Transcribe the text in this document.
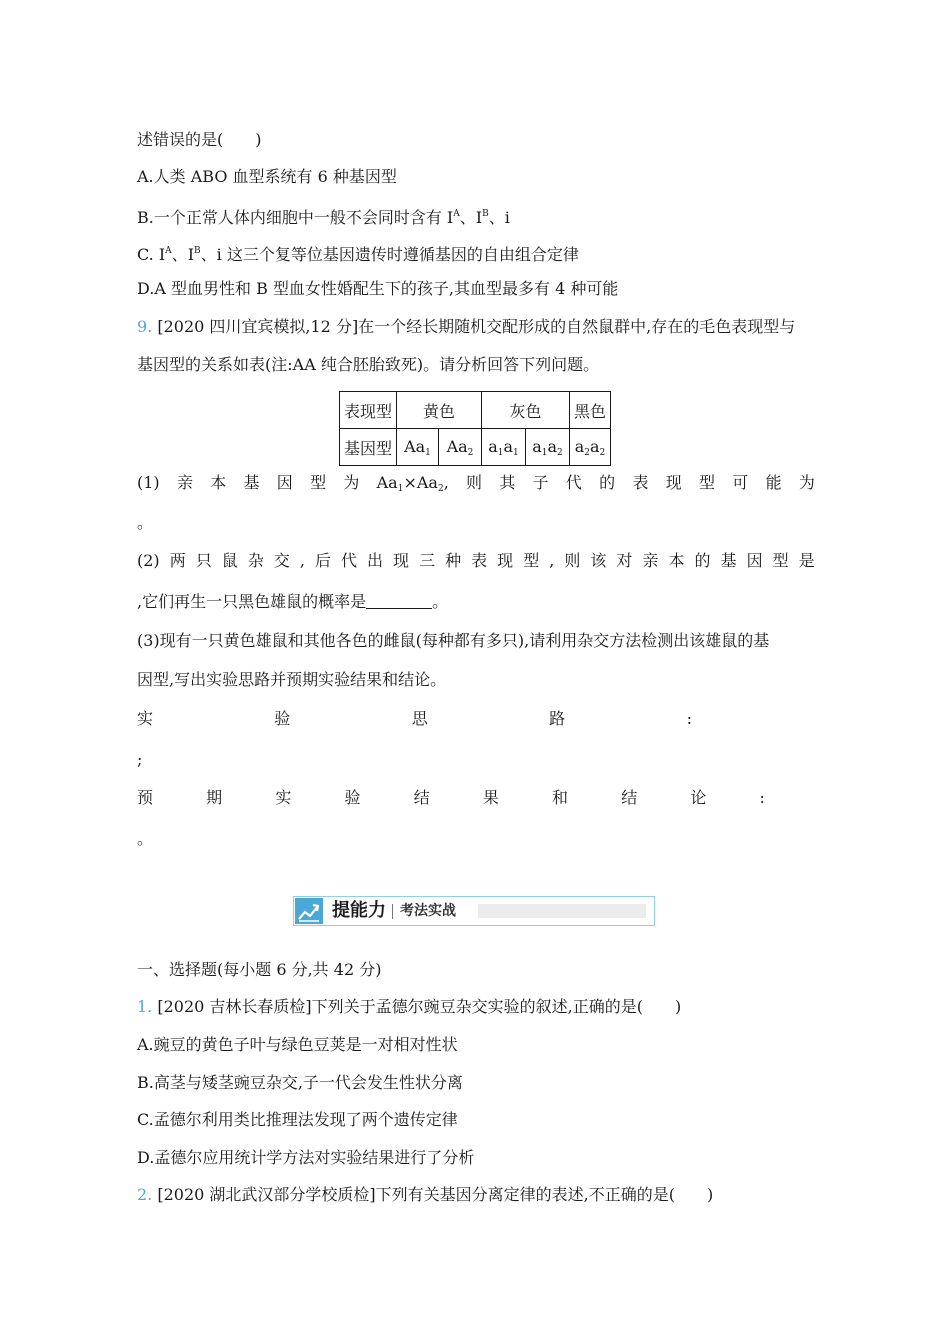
述错误的是(　　)
A.人类 ABO 血型系统有 6 种基因型
B.一个正常人体内细胞中一般不会同时含有 $I^A$、$I^B$、i
C. $I^A$、$I^B$、i 这三个复等位基因遗传时遵循基因的自由组合定律
D.A 型血男性和 B 型血女性婚配生下的孩子,其血型最多有 4 种可能
9. [2020 四川宜宾模拟,12 分]在一个经长期随机交配形成的自然鼠群中,存在的毛色表现型与
基因型的关系如表(注:AA 纯合胚胎致死)。请分析回答下列问题。
表现型	黄色		灰色		黑色
基因型	$Aa_1$	$Aa_2$	$a_1a_1$	$a_1a_2$	$a_2a_2$
(1) 亲 本 基 因 型 为 $Aa_1\times Aa_2$, 则 其 子 代 的 表 现 型 可 能 为
。
(2) 两 只 鼠 杂 交 , 后 代 出 现 三 种 表 现 型 , 则 该 对 亲 本 的 基 因 型 是
,它们再生一只黑色雄鼠的概率是	。
(3)现有一只黄色雄鼠和其他各色的雌鼠(每种都有多只),请利用杂交方法检测出该雄鼠的基
因型,写出实验思路并预期实验结果和结论。
实	验	思	路	:
;
预	期	实	验	结	果	和	结	论	:
。
提能力 考法实战
一、选择题(每小题 6 分,共 42 分)
1. [2020 吉林长春质检]下列关于孟德尔豌豆杂交实验的叙述,正确的是(　　)
A.豌豆的黄色子叶与绿色豆荚是一对相对性状
B.高茎与矮茎豌豆杂交,子一代会发生性状分离
C.孟德尔利用类比推理法发现了两个遗传定律
D.孟德尔应用统计学方法对实验结果进行了分析
2. [2020 湖北武汉部分学校质检]下列有关基因分离定律的表述,不正确的是(　　)
